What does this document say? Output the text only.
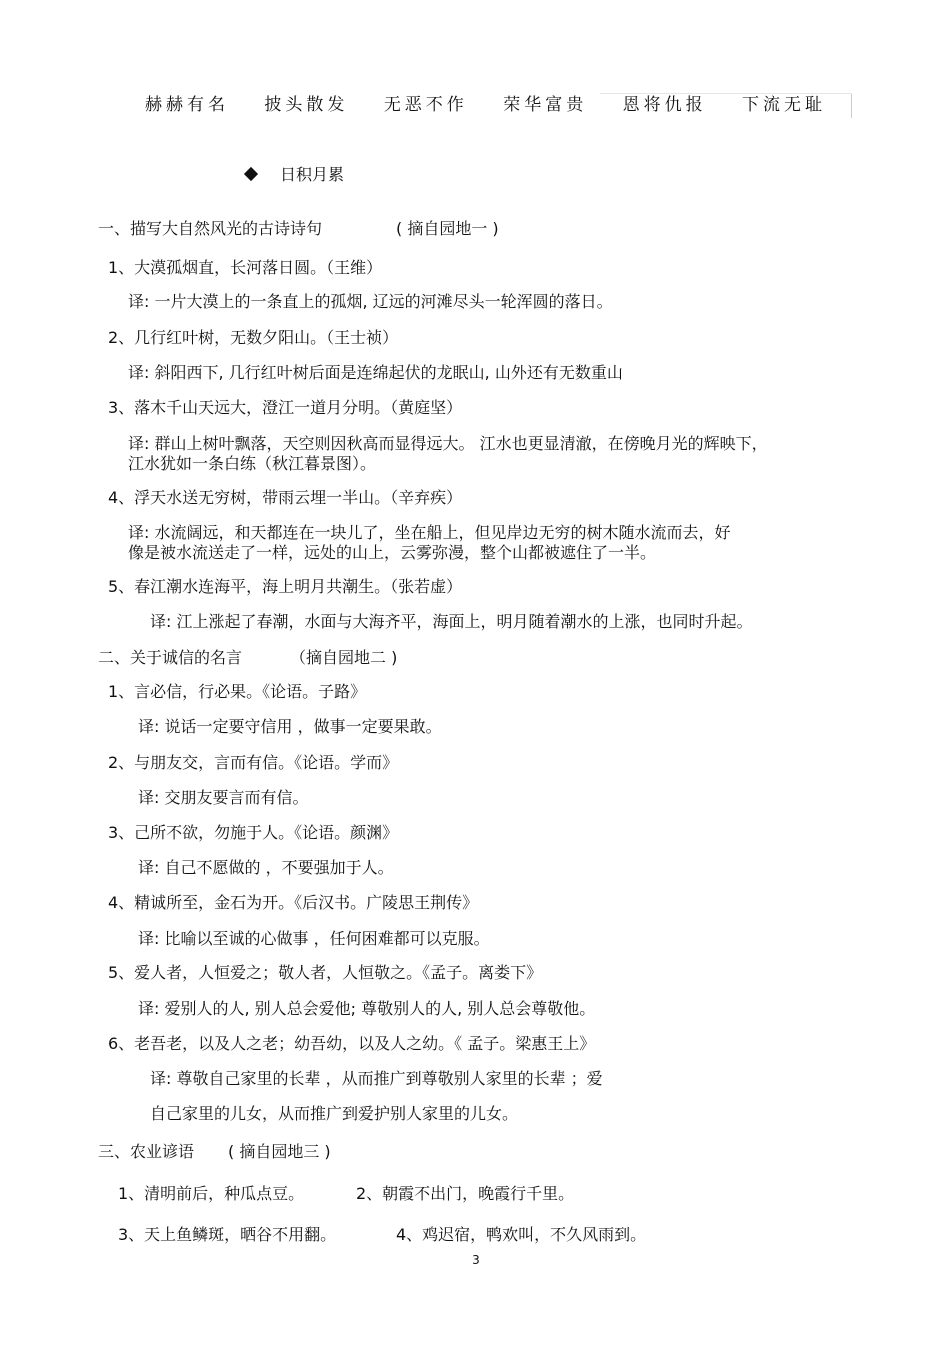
赫赫有名 披头散发 无恶不作 荣华富贵 恩将仇报 下流无耻
日积月累
一、描写大自然风光的古诗诗句	( 摘自园地一 )
1、大漠孤烟直，长河落日圆。（王维）
译: 一片大漠上的一条直上的孤烟, 辽远的河滩尽头一轮浑圆的落日。
2、几行红叶树，无数夕阳山。（王士祯）
译: 斜阳西下, 几行红叶树后面是连绵起伏的龙眠山, 山外还有无数重山
3、落木千山天远大，澄江一道月分明。（黄庭坚）
译: 群山上树叶飘落，天空则因秋高而显得远大。 江水也更显清澈，在傍晚月光的辉映下，
江水犹如一条白练（秋江暮景图）。
4、浮天水送无穷树，带雨云埋一半山。（辛弃疾）
译: 水流阔远，和天都连在一块儿了，坐在船上，但见岸边无穷的树木随水流而去，好
像是被水流送走了一样，远处的山上，云雾弥漫，整个山都被遮住了一半。
5、春江潮水连海平，海上明月共潮生。（张若虚）
译: 江上涨起了春潮，水面与大海齐平，海面上，明月随着潮水的上涨，也同时升起。
二、关于诚信的名言	（摘自园地二 )
1、言必信，行必果。《论语。子路》
译: 说话一定要守信用 ，做事一定要果敢。
2、与朋友交，言而有信。《论语。学而》
译: 交朋友要言而有信。
3、己所不欲，勿施于人。《论语。颜渊》
译: 自己不愿做的 ，不要强加于人。
4、精诚所至，金石为开。《后汉书。广陵思王荆传》
译: 比喻以至诚的心做事 ，任何困难都可以克服。
5、爱人者，人恒爱之；敬人者，人恒敬之。《孟子。离娄下》
译: 爱别人的人, 别人总会爱他; 尊敬别人的人, 别人总会尊敬他。
6、老吾老，以及人之老；幼吾幼，以及人之幼。《 孟子。梁惠王上》
译: 尊敬自己家里的长辈 ，从而推广到尊敬别人家里的长辈 ；爱
自己家里的儿女，从而推广到爱护别人家里的儿女。
三、农业谚语 ( 摘自园地三 )
1、清明前后，种瓜点豆。	2、朝霞不出门，晚霞行千里。
3、天上鱼鳞斑，晒谷不用翻。	4、鸡迟宿，鸭欢叫，不久风雨到。
3
